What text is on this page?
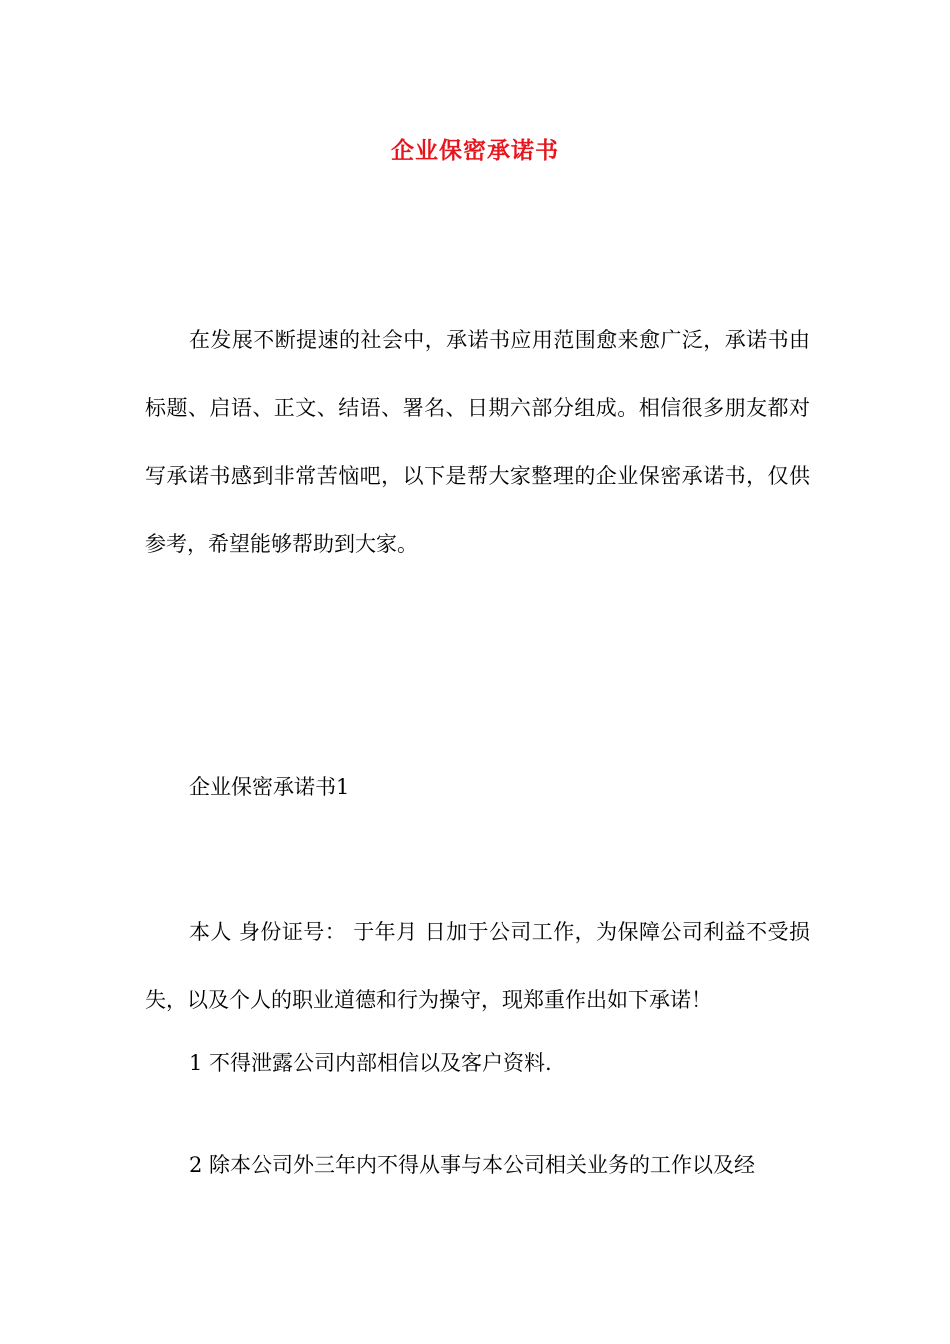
企业保密承诺书

在发展不断提速的社会中，承诺书应用范围愈来愈广泛，承诺书由标题、启语、正文、结语、署名、日期六部分组成。相信很多朋友都对写承诺书感到非常苦恼吧，以下是帮大家整理的企业保密承诺书，仅供参考，希望能够帮助到大家。

企业保密承诺书1

本人 身份证号： 于年月 日加于公司工作，为保障公司利益不受损失，以及个人的职业道德和行为操守，现郑重作出如下承诺！

1 不得泄露公司内部相信以及客户资料.

2 除本公司外三年内不得从事与本公司相关业务的工作以及经
